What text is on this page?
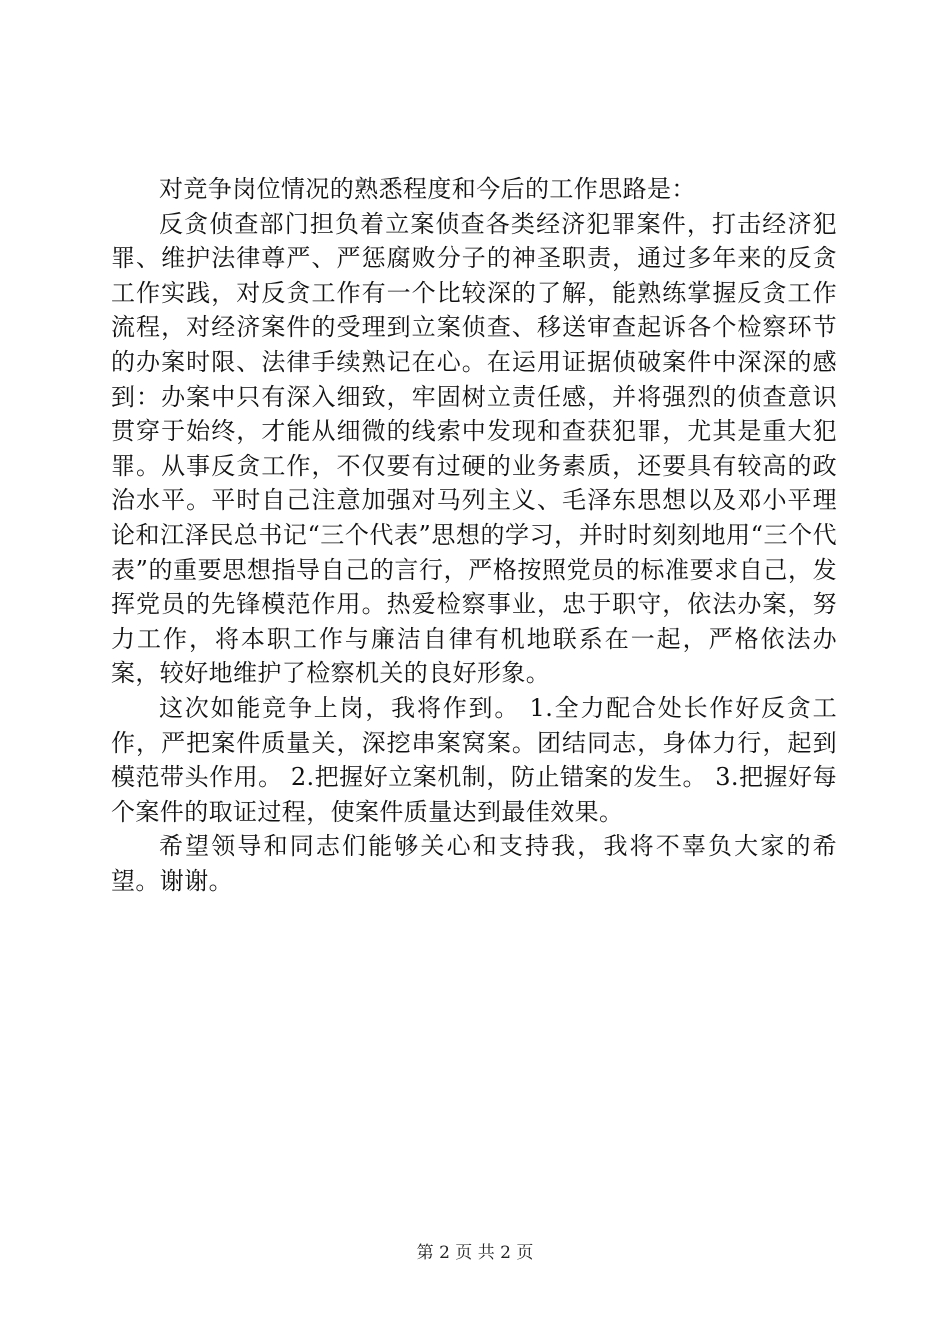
对竞争岗位情况的熟悉程度和今后的工作思路是：

反贪侦查部门担负着立案侦查各类经济犯罪案件，打击经济犯罪、维护法律尊严、严惩腐败分子的神圣职责，通过多年来的反贪工作实践，对反贪工作有一个比较深的了解，能熟练掌握反贪工作流程，对经济案件的受理到立案侦查、移送审查起诉各个检察环节的办案时限、法律手续熟记在心。在运用证据侦破案件中深深的感到：办案中只有深入细致，牢固树立责任感，并将强烈的侦查意识贯穿于始终，才能从细微的线索中发现和查获犯罪，尤其是重大犯罪。从事反贪工作，不仅要有过硬的业务素质，还要具有较高的政治水平。平时自己注意加强对马列主义、毛泽东思想以及邓小平理论和江泽民总书记“三个代表”思想的学习，并时时刻刻地用“三个代表”的重要思想指导自己的言行，严格按照党员的标准要求自己，发挥党员的先锋模范作用。热爱检察事业，忠于职守，依法办案，努力工作，将本职工作与廉洁自律有机地联系在一起，严格依法办案，较好地维护了检察机关的良好形象。

这次如能竞争上岗，我将作到。 1.全力配合处长作好反贪工作，严把案件质量关，深挖串案窝案。团结同志，身体力行，起到模范带头作用。 2.把握好立案机制，防止错案的发生。 3.把握好每个案件的取证过程，使案件质量达到最佳效果。

希望领导和同志们能够关心和支持我，我将不辜负大家的希望。谢谢。

第 2 页 共 2 页
